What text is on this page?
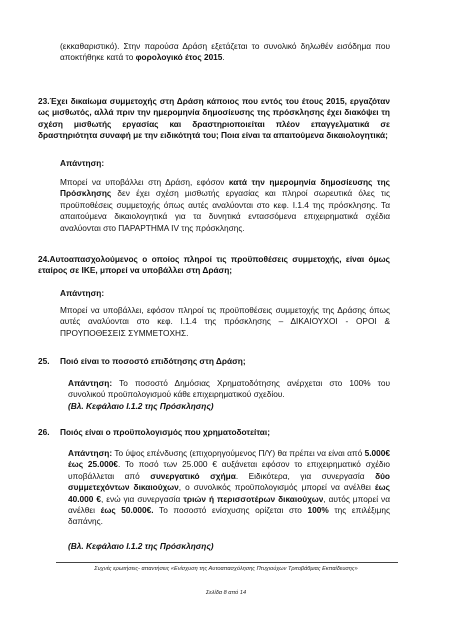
(εκκαθαριστικό). Στην παρούσα Δράση εξετάζεται το συνολικό δηλωθέν εισόδημα που αποκτήθηκε κατά το φορολογικό έτος 2015.
23.Έχει δικαίωμα συμμετοχής στη Δράση κάποιος που εντός του έτους 2015, εργαζόταν ως μισθωτός, αλλά πριν την ημερομηνία δημοσίευσης της πρόσκλησης έχει διακόψει τη σχέση μισθωτής εργασίας και δραστηριοποιείται πλέον επαγγελματικά σε δραστηριότητα συναφή με την ειδικότητά του; Ποια είναι τα απαιτούμενα δικαιολογητικά;
Απάντηση:
Μπορεί να υποβάλλει στη Δράση, εφόσον κατά την ημερομηνία δημοσίευσης της Πρόσκλησης δεν έχει σχέση μισθωτής εργασίας και πληροί σωρευτικά όλες τις προϋποθέσεις συμμετοχής όπως αυτές αναλύονται στο κεφ. Ι.1.4 της πρόσκλησης. Τα απαιτούμενα δικαιολογητικά για τα δυνητικά εντασσόμενα επιχειρηματικά σχέδια αναλύονται στο ΠΑΡΑΡΤΗΜΑ IV της πρόσκλησης.
24.Αυτοαπασχολούμενος ο οποίος πληροί τις προϋποθέσεις συμμετοχής, είναι όμως εταίρος σε ΙΚΕ, μπορεί να υποβάλλει στη Δράση;
Απάντηση:
Μπορεί να υποβάλλει, εφόσον πληροί τις προϋποθέσεις συμμετοχής της Δράσης όπως αυτές αναλύονται στο κεφ. Ι.1.4 της πρόσκλησης – ΔΙΚΑΙΟΥΧΟΙ - ΟΡΟΙ & ΠΡΟΥΠΟΘΕΣΕΙΣ ΣΥΜΜΕΤΟΧΗΣ.
25. Ποιό είναι το ποσοστό επιδότησης στη Δράση;
Απάντηση: Το ποσοστό Δημόσιας Χρηματοδότησης ανέρχεται στο 100% του συνολικού προϋπολογισμού κάθε επιχειρηματικού σχεδίου.
(Βλ. Κεφάλαιο Ι.1.2 της Πρόσκλησης)
26. Ποιός είναι ο προϋπολογισμός που χρηματοδοτείται;
Απάντηση: Το ύψος επένδυσης (επιχορηγούμενος Π/Υ) θα πρέπει να είναι από 5.000€ έως 25.000€. Το ποσό των 25.000 € αυξάνεται εφόσον το επιχειρηματικό σχέδιο υποβάλλεται από συνεργατικό σχήμα. Ειδικότερα, για συνεργασία δύο συμμετεχόντων δικαιούχων, ο συνολικός προϋπολογισμός μπορεί να ανέλθει έως 40.000 €, ενώ για συνεργασία τριών ή περισσοτέρων δικαιούχων, αυτός μπορεί να ανέλθει έως 50.000€. Το ποσοστό ενίσχυσης ορίζεται στο 100% της επιλέξιμης δαπάνης.
(Βλ. Κεφάλαιο Ι.1.2 της Πρόσκλησης)
Συχνές ερωτήσεις- απαντήσεις «Ενίσχυση της Αυτοαπασχόλησης Πτυχιούχων Τριτοβάθμιας Εκπαίδευσης»
Σελίδα 8 από 14
